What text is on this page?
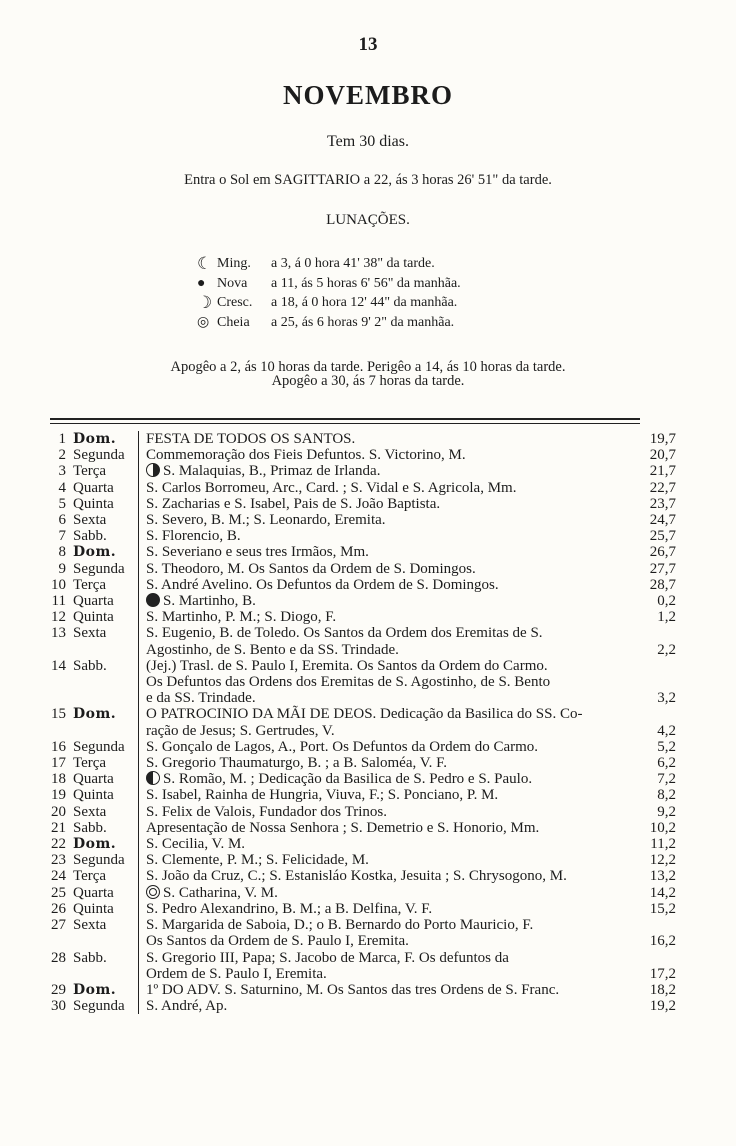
13
NOVEMBRO
Tem 30 dias.
Entra o Sol em SAGITTARIO a 22, ás 3 horas 26' 51" da tarde.
LUNAÇÕES.
☾ Ming.	a 3, á 0 hora 41' 38" da tarde.
● Nova	a 11, ás 5 horas 6' 56" da manhãa.
☽ Cresc.	a 18, á 0 hora 12' 44" da manhãa.
◎ Cheia	a 25, ás 6 horas 9' 2" da manhãa.
Apogêo a 2, ás 10 horas da tarde. Perigêo a 14, ás 10 horas da tarde.
Apogêo a 30, ás 7 horas da tarde.
1 Dom.	FESTA DE TODOS OS SANTOS.	19,7
2 Segunda	Commemoração dos Fieis Defuntos. S. Victorino, M.	20,7
3 Terça	S. Malaquias, B., Primaz de Irlanda.	21,7
4 Quarta	S. Carlos Borromeu, Arc., Card. ; S. Vidal e S. Agricola, Mm.	22,7
5 Quinta	S. Zacharias e S. Isabel, Pais de S. João Baptista.	23,7
6 Sexta	S. Severo, B. M.; S. Leonardo, Eremita.	24,7
7 Sabb.	S. Florencio, B.	25,7
8 Dom.	S. Severiano e seus tres Irmãos, Mm.	26,7
9 Segunda	S. Theodoro, M. Os Santos da Ordem de S. Domingos.	27,7
10 Terça	S. André Avelino. Os Defuntos da Ordem de S. Domingos.	28,7
11 Quarta	S. Martinho, B.	0,2
12 Quinta	S. Martinho, P. M.; S. Diogo, F.	1,2
13 Sexta	S. Eugenio, B. de Toledo. Os Santos da Ordem dos Eremitas de S.
Agostinho, de S. Bento e da SS. Trindade.	2,2
14 Sabb.	(Jej.) Trasl. de S. Paulo I, Eremita. Os Santos da Ordem do Carmo.
Os Defuntos das Ordens dos Eremitas de S. Agostinho, de S. Bento
e da SS. Trindade.	3,2
15 Dom.	O PATROCINIO DA MÃI DE DEOS. Dedicação da Basilica do SS. Co-
ração de Jesus; S. Gertrudes, V.	4,2
16 Segunda	S. Gonçalo de Lagos, A., Port. Os Defuntos da Ordem do Carmo.	5,2
17 Terça	S. Gregorio Thaumaturgo, B. ; a B. Saloméa, V. F.	6,2
18 Quarta	S. Romão, M. ; Dedicação da Basilica de S. Pedro e S. Paulo.	7,2
19 Quinta	S. Isabel, Rainha de Hungria, Viuva, F.; S. Ponciano, P. M.	8,2
20 Sexta	S. Felix de Valois, Fundador dos Trinos.	9,2
21 Sabb.	Apresentação de Nossa Senhora ; S. Demetrio e S. Honorio, Mm.	10,2
22 Dom.	S. Cecilia, V. M.	11,2
23 Segunda	S. Clemente, P. M.; S. Felicidade, M.	12,2
24 Terça	S. João da Cruz, C.; S. Estanisláo Kostka, Jesuita ; S. Chrysogono, M.	13,2
25 Quarta	S. Catharina, V. M.	14,2
26 Quinta	S. Pedro Alexandrino, B. M.; a B. Delfina, V. F.	15,2
27 Sexta	S. Margarida de Saboia, D.; o B. Bernardo do Porto Mauricio, F.
Os Santos da Ordem de S. Paulo I, Eremita.	16,2
28 Sabb.	S. Gregorio III, Papa; S. Jacobo de Marca, F. Os defuntos da
Ordem de S. Paulo I, Eremita.	17,2
29 Dom.	1º DO ADV. S. Saturnino, M. Os Santos das tres Ordens de S. Franc.	18,2
30 Segunda	S. André, Ap.	19,2
